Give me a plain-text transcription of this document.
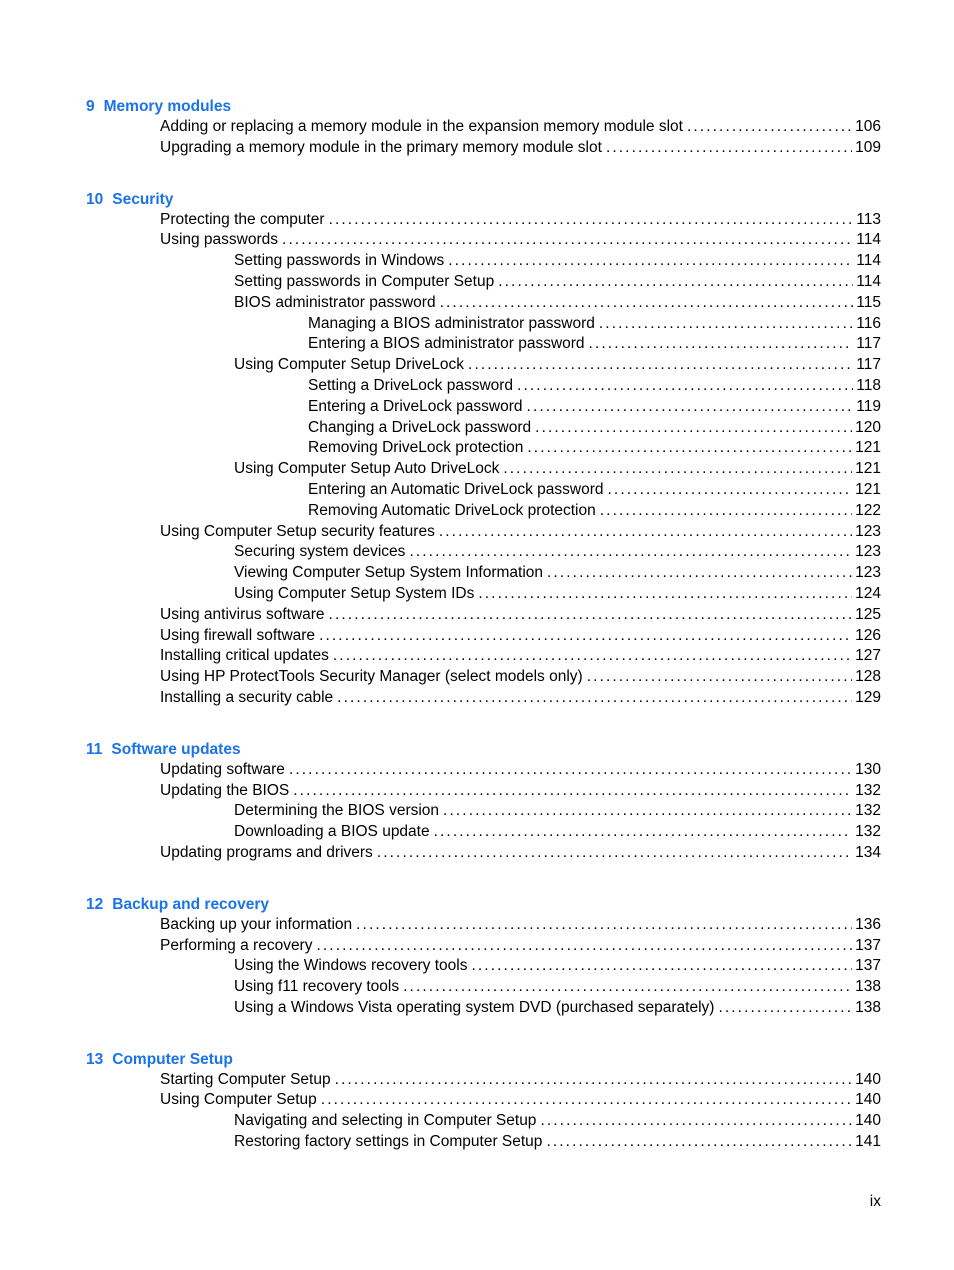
9 Memory modules
Adding or replacing a memory module in the expansion memory module slot . . .	106
Upgrading a memory module in the primary memory module slot . . .	109
10 Security
Protecting the computer . . .	113
Using passwords . . .	114
Setting passwords in Windows . . .	114
Setting passwords in Computer Setup . . .	114
BIOS administrator password . . .	115
Managing a BIOS administrator password . . .	116
Entering a BIOS administrator password . . .	117
Using Computer Setup DriveLock . . .	117
Setting a DriveLock password . . .	118
Entering a DriveLock password . . .	119
Changing a DriveLock password . . .	120
Removing DriveLock protection . . .	121
Using Computer Setup Auto DriveLock . . .	121
Entering an Automatic DriveLock password . . .	121
Removing Automatic DriveLock protection . . .	122
Using Computer Setup security features . . .	123
Securing system devices . . .	123
Viewing Computer Setup System Information . . .	123
Using Computer Setup System IDs . . .	124
Using antivirus software . . .	125
Using firewall software . . .	126
Installing critical updates . . .	127
Using HP ProtectTools Security Manager (select models only) . . .	128
Installing a security cable . . .	129
11 Software updates
Updating software . . .	130
Updating the BIOS . . .	132
Determining the BIOS version . . .	132
Downloading a BIOS update . . .	132
Updating programs and drivers . . .	134
12 Backup and recovery
Backing up your information . . .	136
Performing a recovery . . .	137
Using the Windows recovery tools . . .	137
Using f11 recovery tools . . .	138
Using a Windows Vista operating system DVD (purchased separately) . . .	138
13 Computer Setup
Starting Computer Setup . . .	140
Using Computer Setup . . .	140
Navigating and selecting in Computer Setup . . .	140
Restoring factory settings in Computer Setup . . .	141
ix
